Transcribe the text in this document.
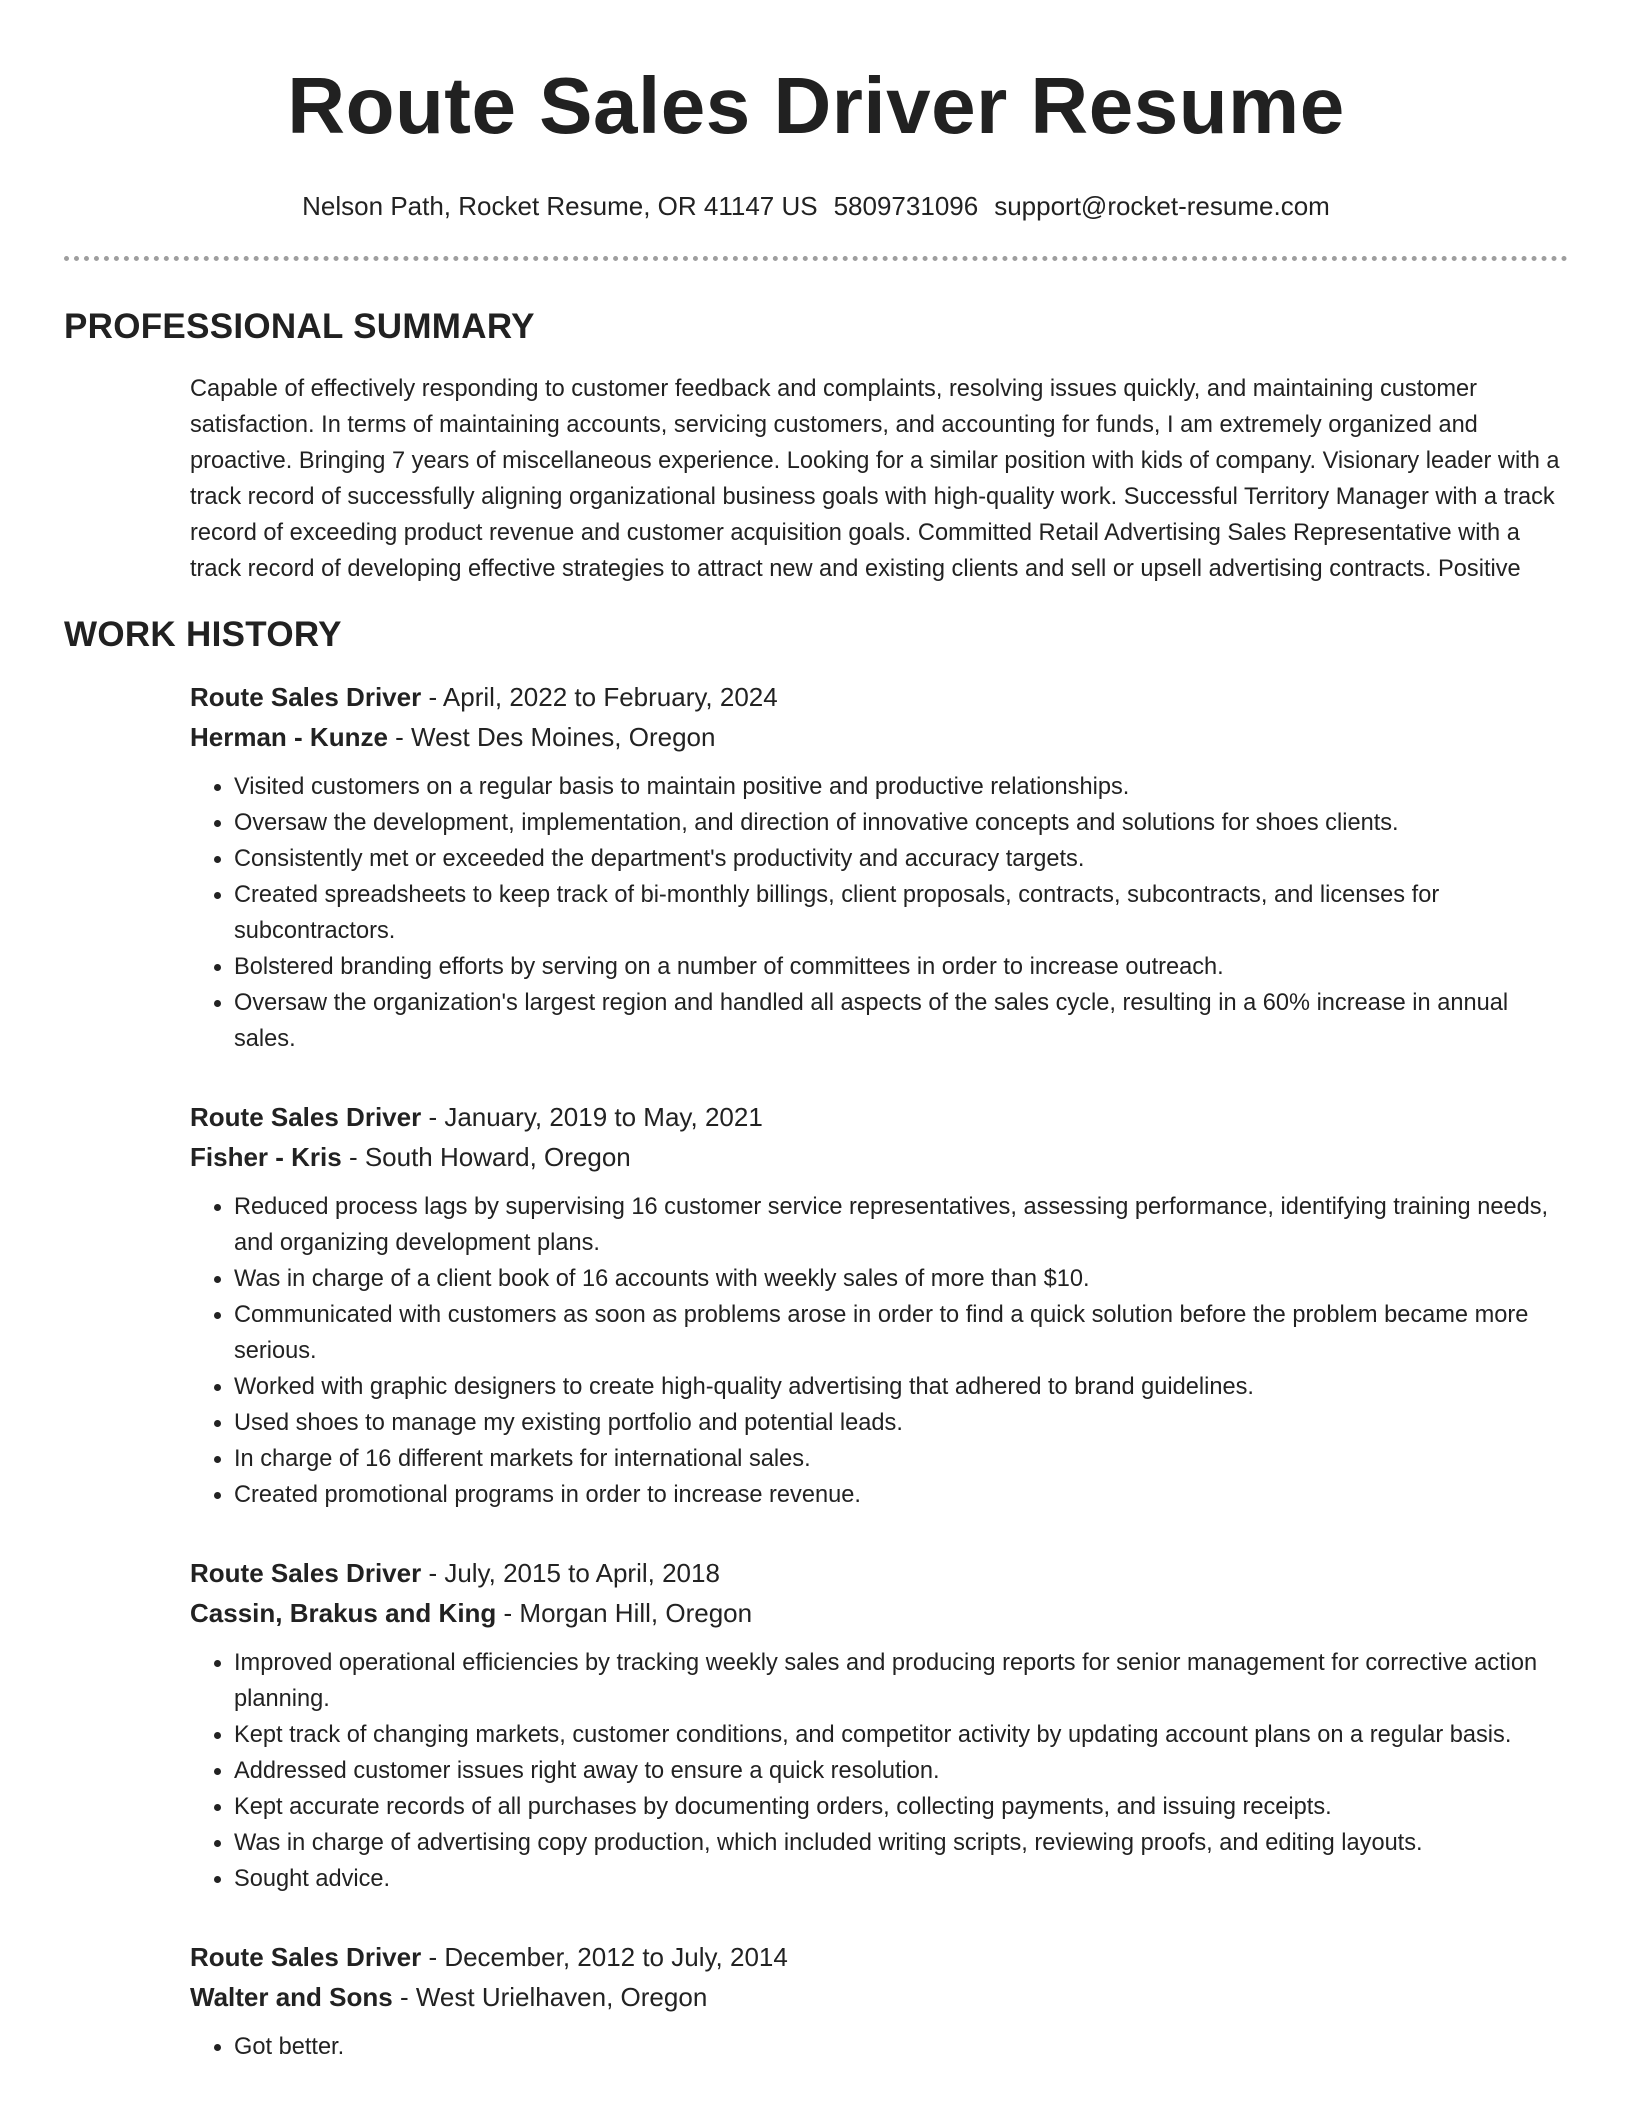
Route Sales Driver Resume
Nelson Path, Rocket Resume, OR 41147 US 5809731096 support@rocket-resume.com
PROFESSIONAL SUMMARY

Capable of effectively responding to customer feedback and complaints, resolving issues quickly, and maintaining customer satisfaction. In terms of maintaining accounts, servicing customers, and accounting for funds, I am extremely organized and proactive. Bringing 7 years of miscellaneous experience. Looking for a similar position with kids of company. Visionary leader with a track record of successfully aligning organizational business goals with high-quality work. Successful Territory Manager with a track record of exceeding product revenue and customer acquisition goals. Committed Retail Advertising Sales Representative with a track record of developing effective strategies to attract new and existing clients and sell or upsell advertising contracts. Positive

WORK HISTORY
Route Sales Driver - April, 2022 to February, 2024
Herman - Kunze - West Des Moines, Oregon
• Visited customers on a regular basis to maintain positive and productive relationships.
• Oversaw the development, implementation, and direction of innovative concepts and solutions for shoes clients.
• Consistently met or exceeded the department's productivity and accuracy targets.
• Created spreadsheets to keep track of bi-monthly billings, client proposals, contracts, subcontracts, and licenses for subcontractors.
• Bolstered branding efforts by serving on a number of committees in order to increase outreach.
• Oversaw the organization's largest region and handled all aspects of the sales cycle, resulting in a 60% increase in annual sales.
Route Sales Driver - January, 2019 to May, 2021
Fisher - Kris - South Howard, Oregon
• Reduced process lags by supervising 16 customer service representatives, assessing performance, identifying training needs, and organizing development plans.
• Was in charge of a client book of 16 accounts with weekly sales of more than $10.
• Communicated with customers as soon as problems arose in order to find a quick solution before the problem became more serious.
• Worked with graphic designers to create high-quality advertising that adhered to brand guidelines.
• Used shoes to manage my existing portfolio and potential leads.
• In charge of 16 different markets for international sales.
• Created promotional programs in order to increase revenue.
Route Sales Driver - July, 2015 to April, 2018
Cassin, Brakus and King - Morgan Hill, Oregon
• Improved operational efficiencies by tracking weekly sales and producing reports for senior management for corrective action planning.
• Kept track of changing markets, customer conditions, and competitor activity by updating account plans on a regular basis.
• Addressed customer issues right away to ensure a quick resolution.
• Kept accurate records of all purchases by documenting orders, collecting payments, and issuing receipts.
• Was in charge of advertising copy production, which included writing scripts, reviewing proofs, and editing layouts.
• Sought advice.
Route Sales Driver - December, 2012 to July, 2014
Walter and Sons - West Urielhaven, Oregon
• Got better.
